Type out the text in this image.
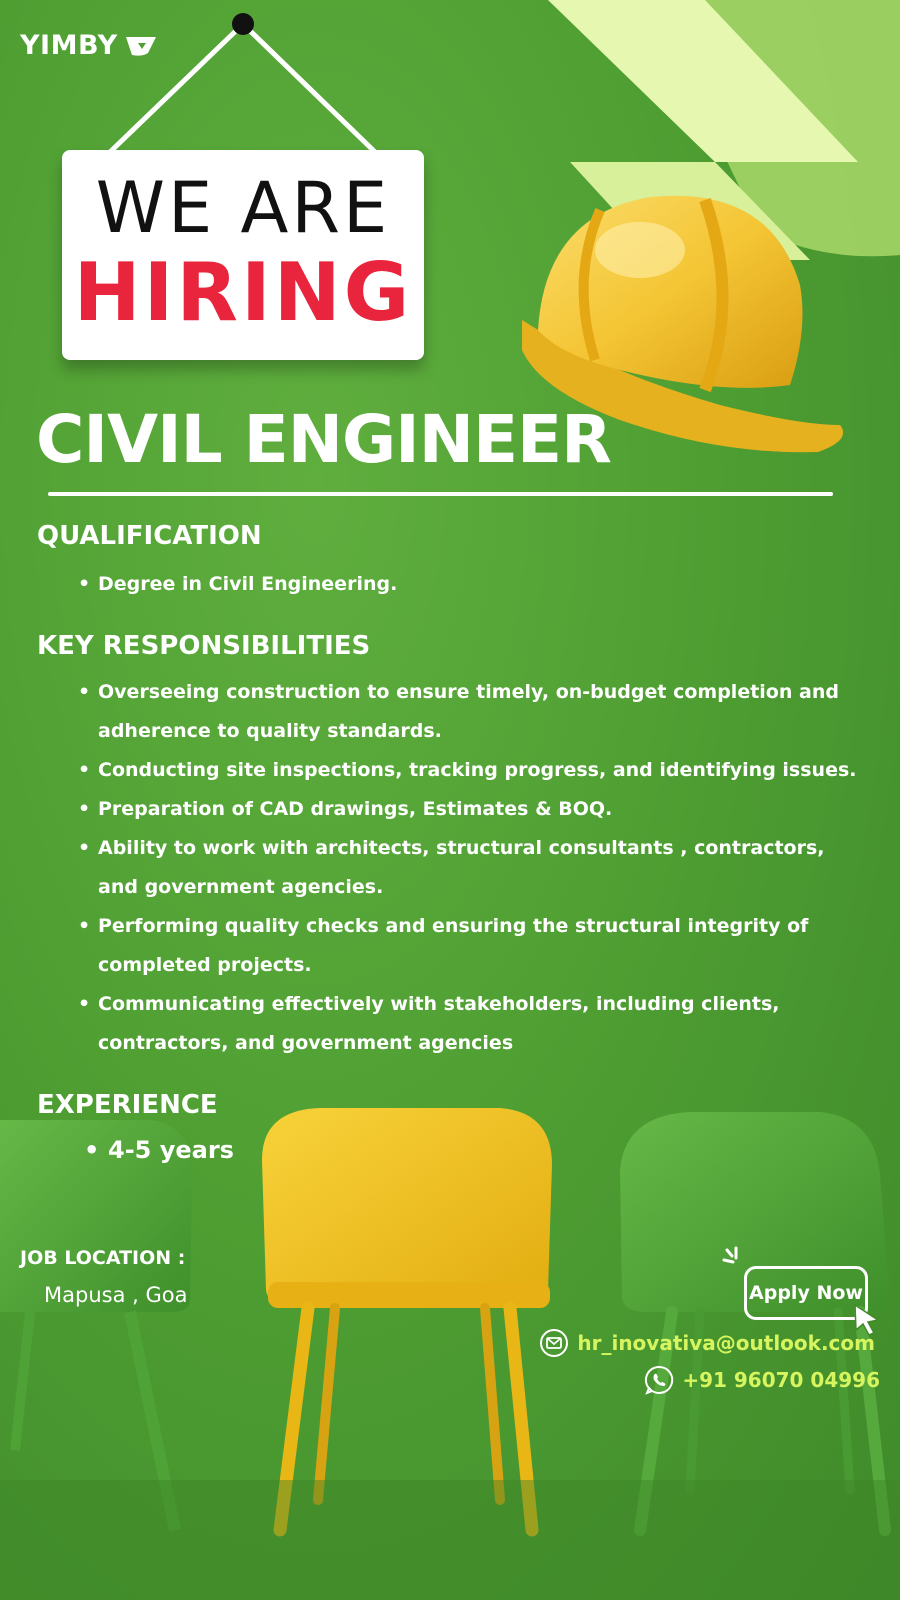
YIMBY
WE ARE
HIRING
CIVIL ENGINEER
QUALIFICATION
• Degree in Civil Engineering.
KEY RESPONSIBILITIES
• Overseeing construction to ensure timely, on-budget completion and adherence to quality standards.
• Conducting site inspections, tracking progress, and identifying issues.
• Preparation of CAD drawings, Estimates & BOQ.
• Ability to work with architects, structural consultants , contractors, and government agencies.
• Performing quality checks and ensuring the structural integrity of completed projects.
• Communicating effectively with stakeholders, including clients, contractors, and government agencies
EXPERIENCE
• 4-5 years
JOB LOCATION :
Mapusa , Goa	Apply Now
hr_inovativa@outlook.com
+91 96070 04996
